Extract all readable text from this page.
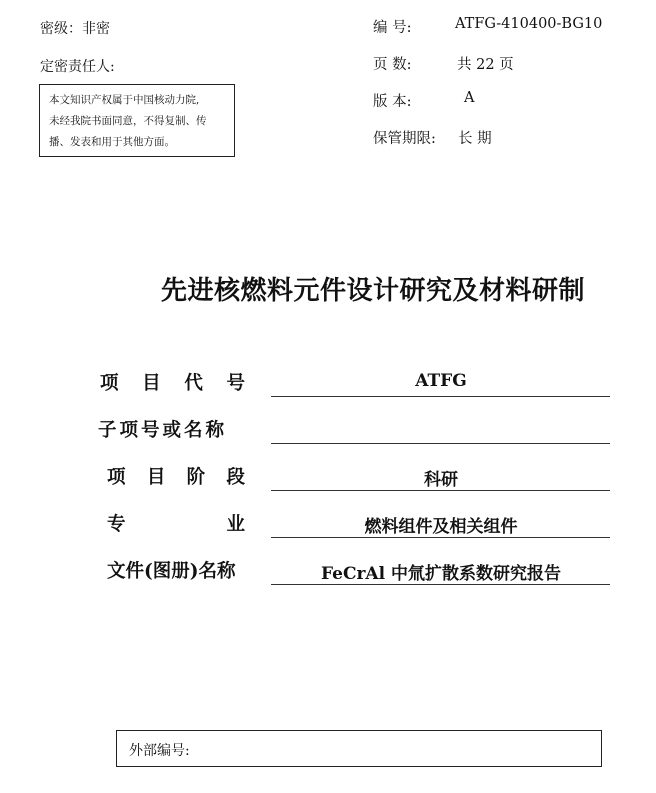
密级：非密
定密责任人:
本文知识产权属于中国核动力院,
未经我院书面同意，不得复制、传
播、发表和用于其他方面。
编 号:	ATFG-410400-BG10
页 数:	共 22 页
版 本:	A
保管期限: 长 期
先进核燃料元件设计研究及材料研制
项 目 代 号	ATFG
子项号或名称
项 目 阶 段	科研
专	业	燃料组件及相关组件
文件(图册)名称	FeCrAl 中氚扩散系数研究报告
外部编号:
